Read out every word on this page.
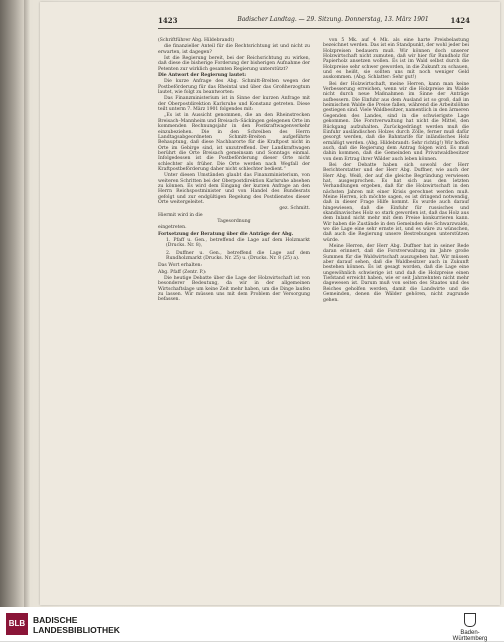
1423	Badischer Landtag. — 29. Sitzung. Donnerstag, 13. März 1901	1424

(Schriftführer Abg. Hildebrandt)

die finanzieller Anteil für die Rechtsrichtung ist und nicht zu erwarten, ist dagegen?

Ist die Regierung bereit, bei der Reichsrichtung zu wirken, daß diese die bisherige Forderung der bisherigen Aufnahme der Petenten zur wirklich gesamten Regierung unterstützt?

Die Antwort der Regierung lautet:

Die kurze Anfrage des Abg. Schmitt-Breiten wegen der Postbeförderung für das Rheintal und über das Großherzogtum lautet, wie folgt zu beantworten:

Das Finanzministerium ist in Sinne der kurzen Anfrage mit der Oberpostdirektion Karlsruhe und Konstanz getreten. Diese teilt unterm 7. März 1901 folgendes mit:

„Es ist in Aussicht genommen, die an den Rheinstrecken Breisach–Mannheim und Breisach–Säckingen gelegenen Orte im kommenden Rechnungsjahr in den Postkraftwagenverkehr einzubeziehen. Die in den Schreiben des Herrn Landtagsabgeordneten Schmitt-Breiten aufgeführte Behauptung, daß diese Nachbarorte für die Kraftpost nicht in Orte im Gebirge sind, ist unzutreffend. Der Landkraftwagen berührt die Orte Breisach gemeinsam und Sonntags einmal. Infolgedessen ist die Postbeförderung dieser Orte nicht schlechter als früher. Die Orte werden nach Wegfall der Kraftpostbeförderung daher nicht schlechter bedient.“

Unter diesen Umständen glaubt das Finanzministerium, von weiteren Schritten bei der Oberpostdirektion Karlsruhe absehen zu können. Es wird dem Eingang der kurzen Anfrage an den Herrn Reichspostminister und von Handel des Bundesrats gefolgt und zur endgültigen Regelung des Postdienstes dieser Orte weitergeleitet.

gez. Schmitt.

Hiermit wird in die

Tagesordnung

eingetreten.

Fortsetzung der Beratung über die Anträge der Abg.

1. Pfaff u. Gen., betreffend die Lage auf dem Holzmarkt (Drucks. Nr. 8),

2. Duffner u. Gen., betreffend die Lage auf dem Rundholzmarkt (Drucks. Nr. 25) u. (Drucks. Nr. 8 (25) a).

Das Wort erhalten:

Abg. Pfaff (Zentr. P.):

Die heutige Debatte über die Lage der Holzwirtschaft ist von besonderer Bedeutung, da wir in der allgemeinen Wirtschaftslage um keine Zeit mehr haben, um die Dinge laufen zu lassen. Wir müssen uns mit dem Problem der Versorgung befassen.

von 5 Mk. auf 4 Mk. als eine harte Preisbelastung bezeichnet werden. Das ist ein Standpunkt, der wohl jeder bei Holzpreisen bedauern muß. Wir können doch unserer Holzwirtschaft nicht zumuten, daß wir hier für Rundholz für Papierholz ansetzen wollen. Es ist im Wald selbst durch die Holzpreise sehr schwer geworden, in die Zukunft zu schauen, und es heißt, sie sollten uns mit noch weniger Geld auskommen. (Abg. Schlatter: Sehr gut!)

Bei der Holzwirtschaft, meine Herren, kann man keine Verbesserung erreichen, wenn wir die Holzpreise im Walde nicht durch neue Maßnahmen im Sinne der Anträge aufbessern. Die Einfuhr aus dem Ausland ist so groß, daß im heimischen Walde die Preise fallen, während die Arbeitslöhne gestiegen sind. Viele Waldbesitzer, namentlich in den ärmeren Gegenden des Landes, sind in die schwierigste Lage gekommen. Die Forstverwaltung hat nicht die Mittel, den Rückgang aufzuhalten. Zurückgedrängt werden muß die Einfuhr ausländischen Holzes durch Zölle, ferner muß dafür gesorgt werden, daß die Bahntarife für inländisches Holz ermäßigt werden. (Abg. Hildebrandt: Sehr richtig!) Wir hoffen auch, daß die Regierung dem Antrag folgen wird. Es muß dahin kommen, daß die Gemeinden und Privatwaldbesitzer von dem Ertrag ihrer Wälder auch leben können.

Bei der Debatte haben sich sowohl der Herr Berichterstatter und der Herr Abg. Duffner, wie auch der Herr Abg. Weiß, der auf die gleiche Begründung verwiesen hat, ausgesprochen. Es hat sich aus den letzten Verhandlungen ergeben, daß für die Holzwirtschaft in den nächsten Jahren mit einer Krisis gerechnet werden muß. Meine Herren, ich möchte sagen, es ist dringend notwendig, daß in dieser Frage Hilfe kommt. Es wurde auch darauf hingewiesen, daß die Einfuhr für russisches und skandinavisches Holz so stark geworden ist, daß das Holz aus dem Inland nicht mehr mit dem Preise konkurrieren kann. Wir haben die Zustände in den Gemeinden des Schwarzwalds, wo die Lage eine sehr ernste ist, und es wäre zu wünschen, daß auch die Regierung unsere Bestrebungen unterstützen würde.

Meine Herren, der Herr Abg. Duffner hat in seiner Rede daran erinnert, daß die Forstverwaltung im Jahre große Summen für die Waldwirtschaft auszugeben hat. Wir müssen aber darauf sehen, daß die Waldbesitzer auch in Zukunft bestehen können. Es ist gesagt worden, daß die Lage eine ungewöhnlich schwierige ist und daß die Holzpreise einen Tiefstand erreicht haben, wie er seit Jahrzehnten nicht mehr dagewesen ist. Darum muß von seiten des Staates und des Reiches geholfen werden, damit die Landwirte und die Gemeinden, denen die Wälder gehören, nicht zugrunde gehen.

BLB BADISCHE
LANDESBIBLIOTHEK	Baden-Württemberg
